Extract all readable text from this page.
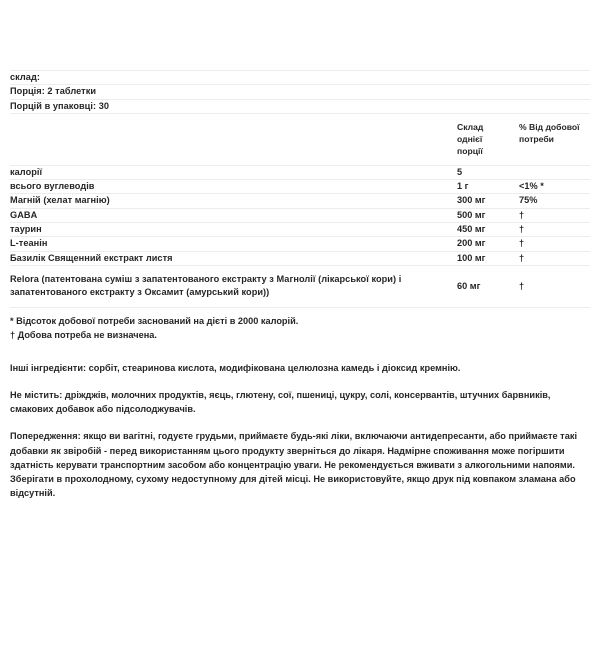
склад:		
Порція: 2 таблетки		
Порцій в упаковці: 30		

	Склад
однієї
порції	% Від добової
потреби

калорії	5	
всього вуглеводів	1 г	<1% *
Магній (хелат магнію)	300 мг	75%
GABA	500 мг	†
таурин	450 мг	†
L-теанін	200 мг	†
Базилік Священний екстракт листя	100 мг	†
Relora (патентована суміш з запатентованого екстракту з Магнолії (лікарської кори) і запатентованого екстракту з Оксамит (амурський кори))	60 мг	†
* Відсоток добової потреби заснований на дієті в 2000 калорій.
† Добова потреба не визначена.

Інші інгредієнти: сорбіт, стеаринова кислота, модифікована целюлозна камедь і діоксид кремнію.

Не містить: дріжджів, молочних продуктів, яєць, глютену, сої, пшениці, цукру, солі, консервантів, штучних барвників, смакових добавок або підсолоджувачів.

Попередження: якщо ви вагітні, годуєте грудьми, приймаєте будь-які ліки, включаючи антидепресанти, або приймаєте такі добавки як звіробій - перед використанням цього продукту зверніться до лікаря. Надмірне споживання може погіршити здатність керувати транспортним засобом або концентрацію уваги. Не рекомендується вживати з алкогольними напоями. Зберігати в прохолодному, сухому недоступному для дітей місці. Не використовуйте, якщо друк під ковпаком зламана або відсутній.
